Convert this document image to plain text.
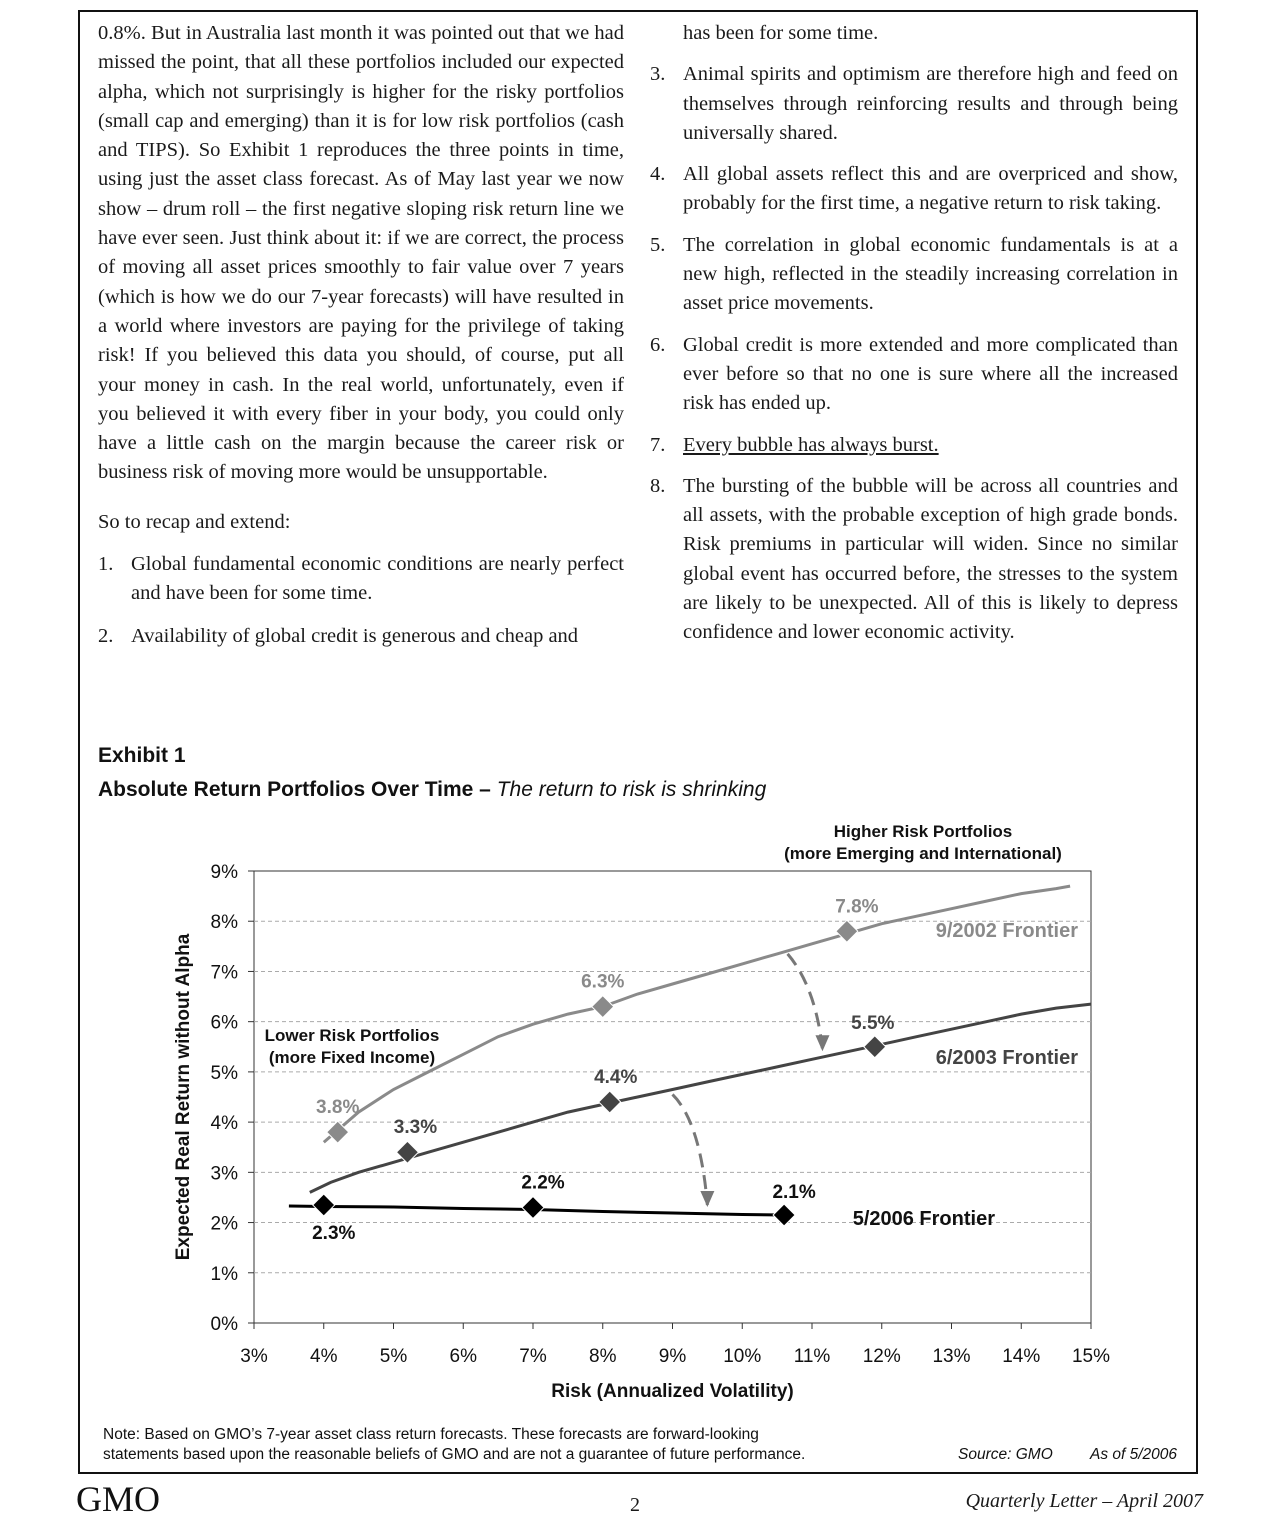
0.8%. But in Australia last month it was pointed out that we had missed the point, that all these portfolios included our expected alpha, which not surprisingly is higher for the risky portfolios (small cap and emerging) than it is for low risk portfolios (cash and TIPS). So Exhibit 1 reproduces the three points in time, using just the asset class forecast. As of May last year we now show – drum roll – the first negative sloping risk return line we have ever seen. Just think about it: if we are correct, the process of moving all asset prices smoothly to fair value over 7 years (which is how we do our 7-year forecasts) will have resulted in a world where investors are paying for the privilege of taking risk! If you believed this data you should, of course, put all your money in cash. In the real world, unfortunately, even if you believed it with every fiber in your body, you could only have a little cash on the margin because the career risk or business risk of moving more would be unsupportable.

So to recap and extend:

1. Global fundamental economic conditions are nearly perfect and have been for some time.
2. Availability of global credit is generous and cheap and
has been for some time.
3. Animal spirits and optimism are therefore high and feed on themselves through reinforcing results and through being universally shared.
4. All global assets reflect this and are overpriced and show, probably for the first time, a negative return to risk taking.
5. The correlation in global economic fundamentals is at a new high, reflected in the steadily increasing correlation in asset price movements.
6. Global credit is more extended and more complicated than ever before so that no one is sure where all the increased risk has ended up.
7. Every bubble has always burst.
8. The bursting of the bubble will be across all countries and all assets, with the probable exception of high grade bonds. Risk premiums in particular will widen. Since no similar global event has occurred before, the stresses to the system are likely to be unexpected. All of this is likely to depress confidence and lower economic activity.
Exhibit 1
Absolute Return Portfolios Over Time – The return to risk is shrinking
0%
1%
2%
3%
4%
5%
6%
7%
8%
9%
3% 4% 5% 6% 7% 8% 9% 10% 11% 12% 13% 14% 15%
Risk (Annualized Volatility)
Expected Real Return without Alpha	3.8%
6.3%
7.8%
3.3%
4.4%
5.5%
2.3%
2.2%	2.1%
9/2002 Frontier
6/2003 Frontier
5/2006 Frontier
Higher Risk Portfolios
(more Emerging and International)
Lower Risk Portfolios
(more Fixed Income)
Note: Based on GMO’s 7-year asset class return forecasts. These forecasts are forward-looking
statements based upon the reasonable beliefs of GMO and are not a guarantee of future performance.	Source: GMO As of 5/2006
GMO	2	Quarterly Letter – April 2007
